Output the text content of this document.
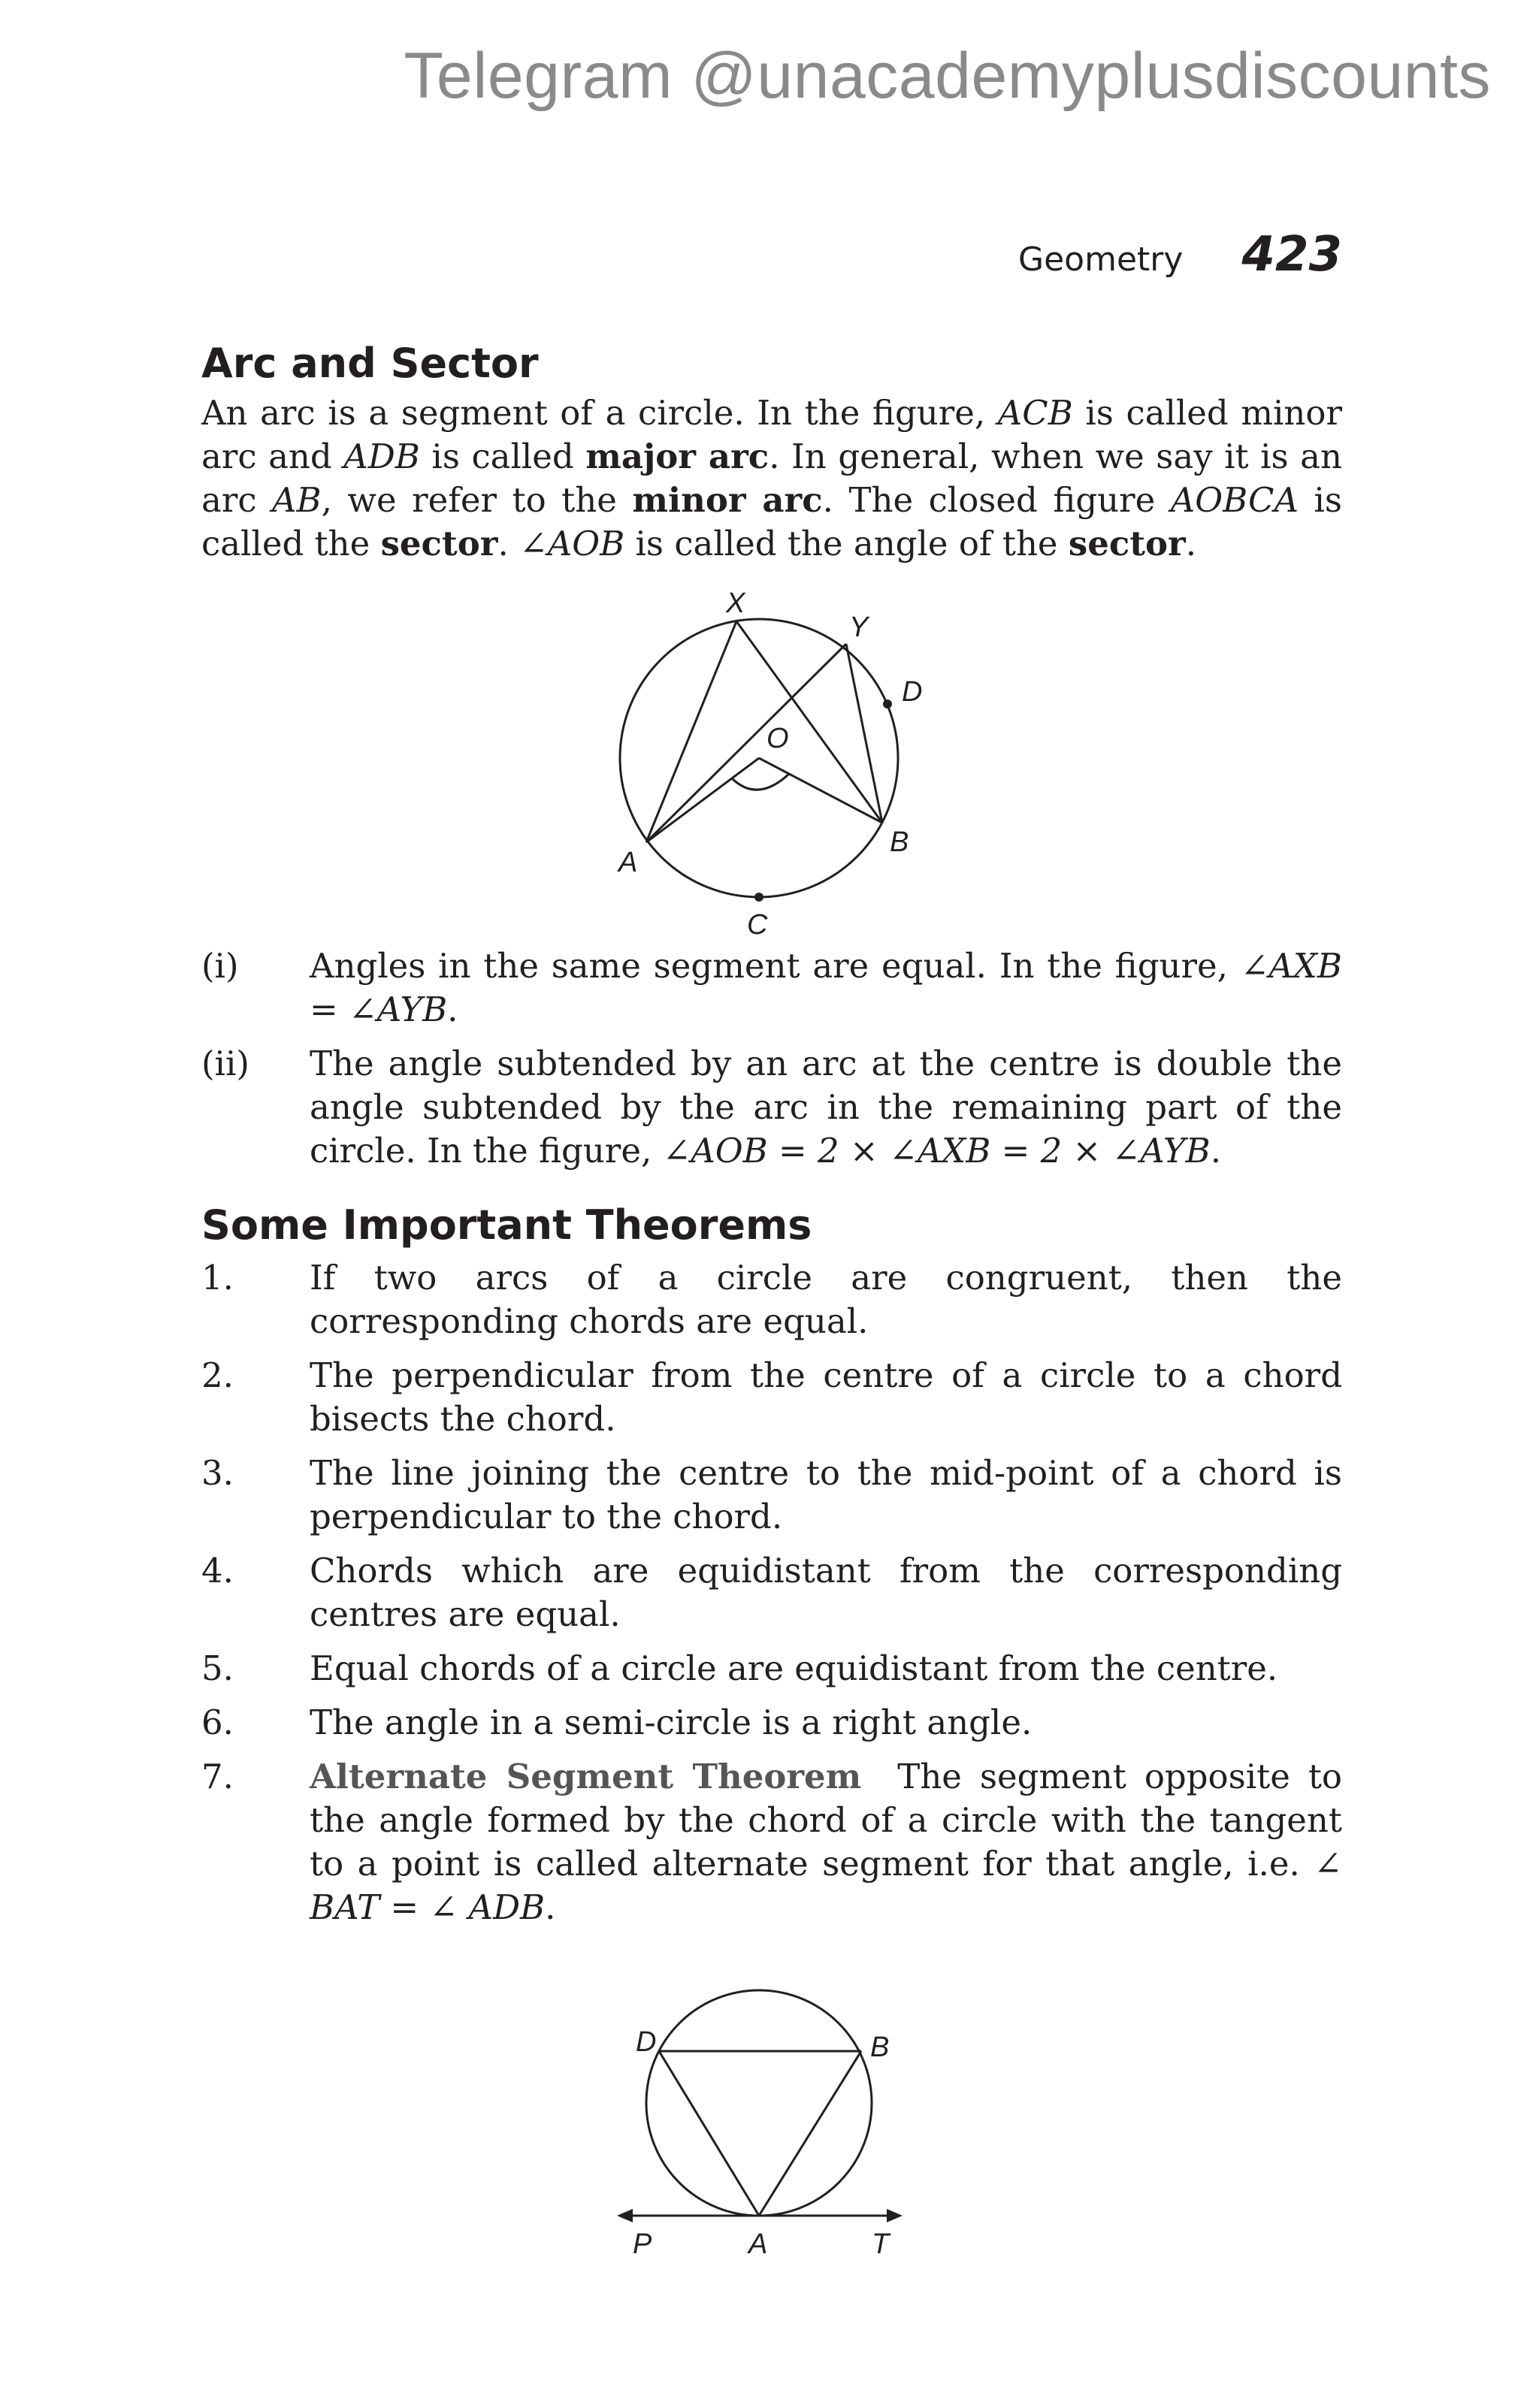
Telegram @unacademyplusdiscounts
Geometry 423
Arc and Sector

An arc is a segment of a circle. In the figure, ACB is called minor arc and ADB is called major arc. In general, when we say it is an arc AB, we refer to the minor arc. The closed figure AOBCA is called the sector. ∠AOB is called the angle of the sector.

X
Y
D
O
A
B
C
(i)	Angles in the same segment are equal. In the figure, ∠AXB = ∠AYB.
(ii)	The angle subtended by an arc at the centre is double the angle subtended by the arc in the remaining part of the circle. In the figure, ∠AOB = 2 × ∠AXB = 2 × ∠AYB.
Some Important Theorems
1.	If two arcs of a circle are congruent, then the corresponding chords are equal.
2.	The perpendicular from the centre of a circle to a chord bisects the chord.
3.	The line joining the centre to the mid-point of a chord is perpendicular to the chord.
4.	Chords which are equidistant from the corresponding centres are equal.
5.	Equal chords of a circle are equidistant from the centre.
6.	The angle in a semi-circle is a right angle.
7.	Alternate Segment Theorem  The segment opposite to the angle formed by the chord of a circle with the tangent to a point is called alternate segment for that angle, i.e. ∠ BAT = ∠ ADB.
D	B
P	A	T
